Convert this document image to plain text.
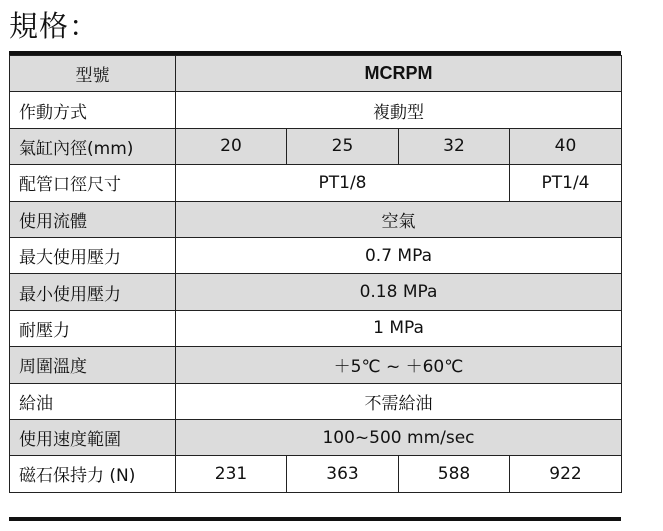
規格：
型號	MCRPM			
作動方式	複動型			
氣缸內徑(mm)	20	25	32	40
配管口徑尺寸	PT1/8			PT1/4
使用流體	空氣			
最大使用壓力	0.7 MPa			
最小使用壓力	0.18 MPa			
耐壓力	1 MPa			
周圍溫度	＋5℃ ~ ＋60℃			
給油	不需給油			
使用速度範圍	100~500 mm/sec			
磁石保持力 (N)	231	363	588	922
